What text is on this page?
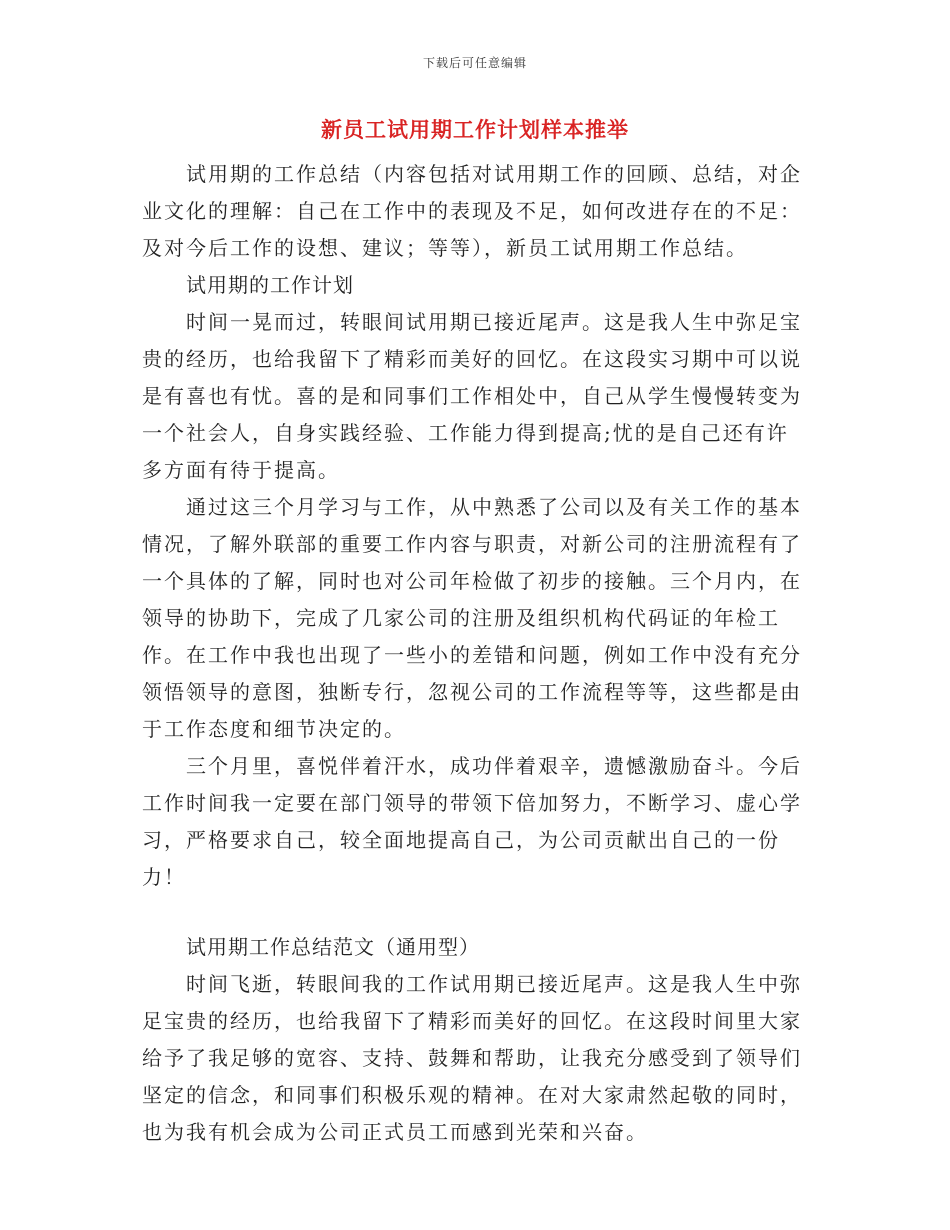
下载后可任意编辑
新员工试用期工作计划样本推举

试用期的工作总结（内容包括对试用期工作的回顾、总结，对企业文化的理解：自己在工作中的表现及不足，如何改进存在的不足：及对今后工作的设想、建议；等等），新员工试用期工作总结。

试用期的工作计划

时间一晃而过，转眼间试用期已接近尾声。这是我人生中弥足宝贵的经历，也给我留下了精彩而美好的回忆。在这段实习期中可以说是有喜也有忧。喜的是和同事们工作相处中，自己从学生慢慢转变为一个社会人，自身实践经验、工作能力得到提高;忧的是自己还有许多方面有待于提高。

通过这三个月学习与工作，从中熟悉了公司以及有关工作的基本情况，了解外联部的重要工作内容与职责，对新公司的注册流程有了一个具体的了解，同时也对公司年检做了初步的接触。三个月内，在领导的协助下，完成了几家公司的注册及组织机构代码证的年检工作。在工作中我也出现了一些小的差错和问题，例如工作中没有充分领悟领导的意图，独断专行，忽视公司的工作流程等等，这些都是由于工作态度和细节决定的。

三个月里，喜悦伴着汗水，成功伴着艰辛，遗憾激励奋斗。今后工作时间我一定要在部门领导的带领下倍加努力，不断学习、虚心学习，严格要求自己，较全面地提高自己，为公司贡献出自己的一份力！

试用期工作总结范文（通用型）

时间飞逝，转眼间我的工作试用期已接近尾声。这是我人生中弥足宝贵的经历，也给我留下了精彩而美好的回忆。在这段时间里大家给予了我足够的宽容、支持、鼓舞和帮助，让我充分感受到了领导们坚定的信念，和同事们积极乐观的精神。在对大家肃然起敬的同时，也为我有机会成为公司正式员工而感到光荣和兴奋。
